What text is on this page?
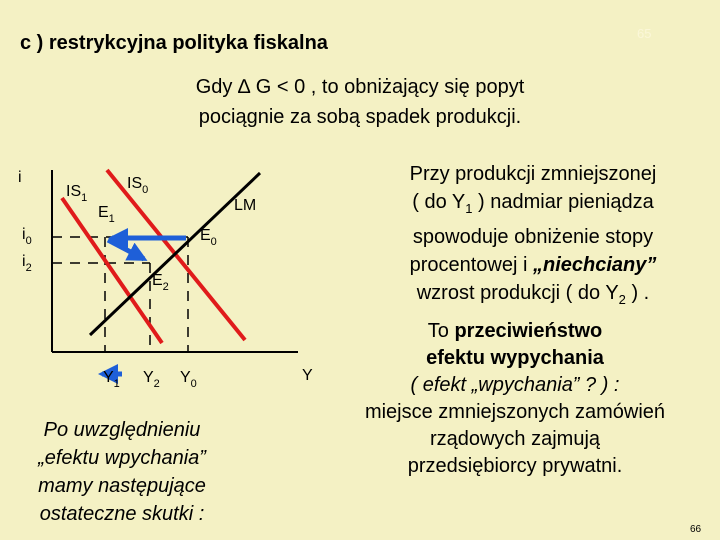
c ) restrykcyjna polityka fiskalna	65
Gdy ∆ G < 0 , to obniżający się popyt
pociągnie za sobą spadek produkcji.
i
Y
$i_0$
$i_2$
$IS_1$
$IS_0$
LM
$E_1$
$E_0$
$E_2$
$Y_1$ $Y_2$ $Y_0$
Przy produkcji zmniejszonej
( do $Y_1$ ) nadmiar pieniądza
spowoduje obniżenie stopy
procentowej i „niechciany”
wzrost produkcji ( do $Y_2$ ) .
To przeciwieństwo
efektu wypychania
( efekt „wpychania” ? ) :
miejsce zmniejszonych zamówień
rządowych zajmują
przedsiębiorcy prywatni.
Po uwzględnieniu
„efektu wpychania”
mamy następujące
ostateczne skutki :
66
